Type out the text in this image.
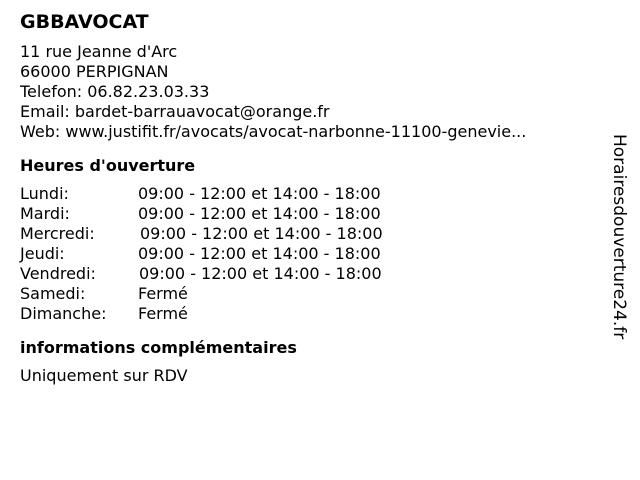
GBBAVOCAT
11 rue Jeanne d'Arc
66000 PERPIGNAN
Telefon: 06.82.23.03.33
Email: bardet-barrauavocat@orange.fr
Web: www.justifit.fr/avocats/avocat-narbonne-11100-genevie...
Heures d'ouverture
Lundi:	09:00 - 12:00 et 14:00 - 18:00
Mardi:	09:00 - 12:00 et 14:00 - 18:00
Mercredi:	09:00 - 12:00 et 14:00 - 18:00
Jeudi:	09:00 - 12:00 et 14:00 - 18:00
Vendredi:	09:00 - 12:00 et 14:00 - 18:00
Samedi:	Fermé
Dimanche: Fermé
informations complémentaires
Uniquement sur RDV
Horairesdouverture24.fr
